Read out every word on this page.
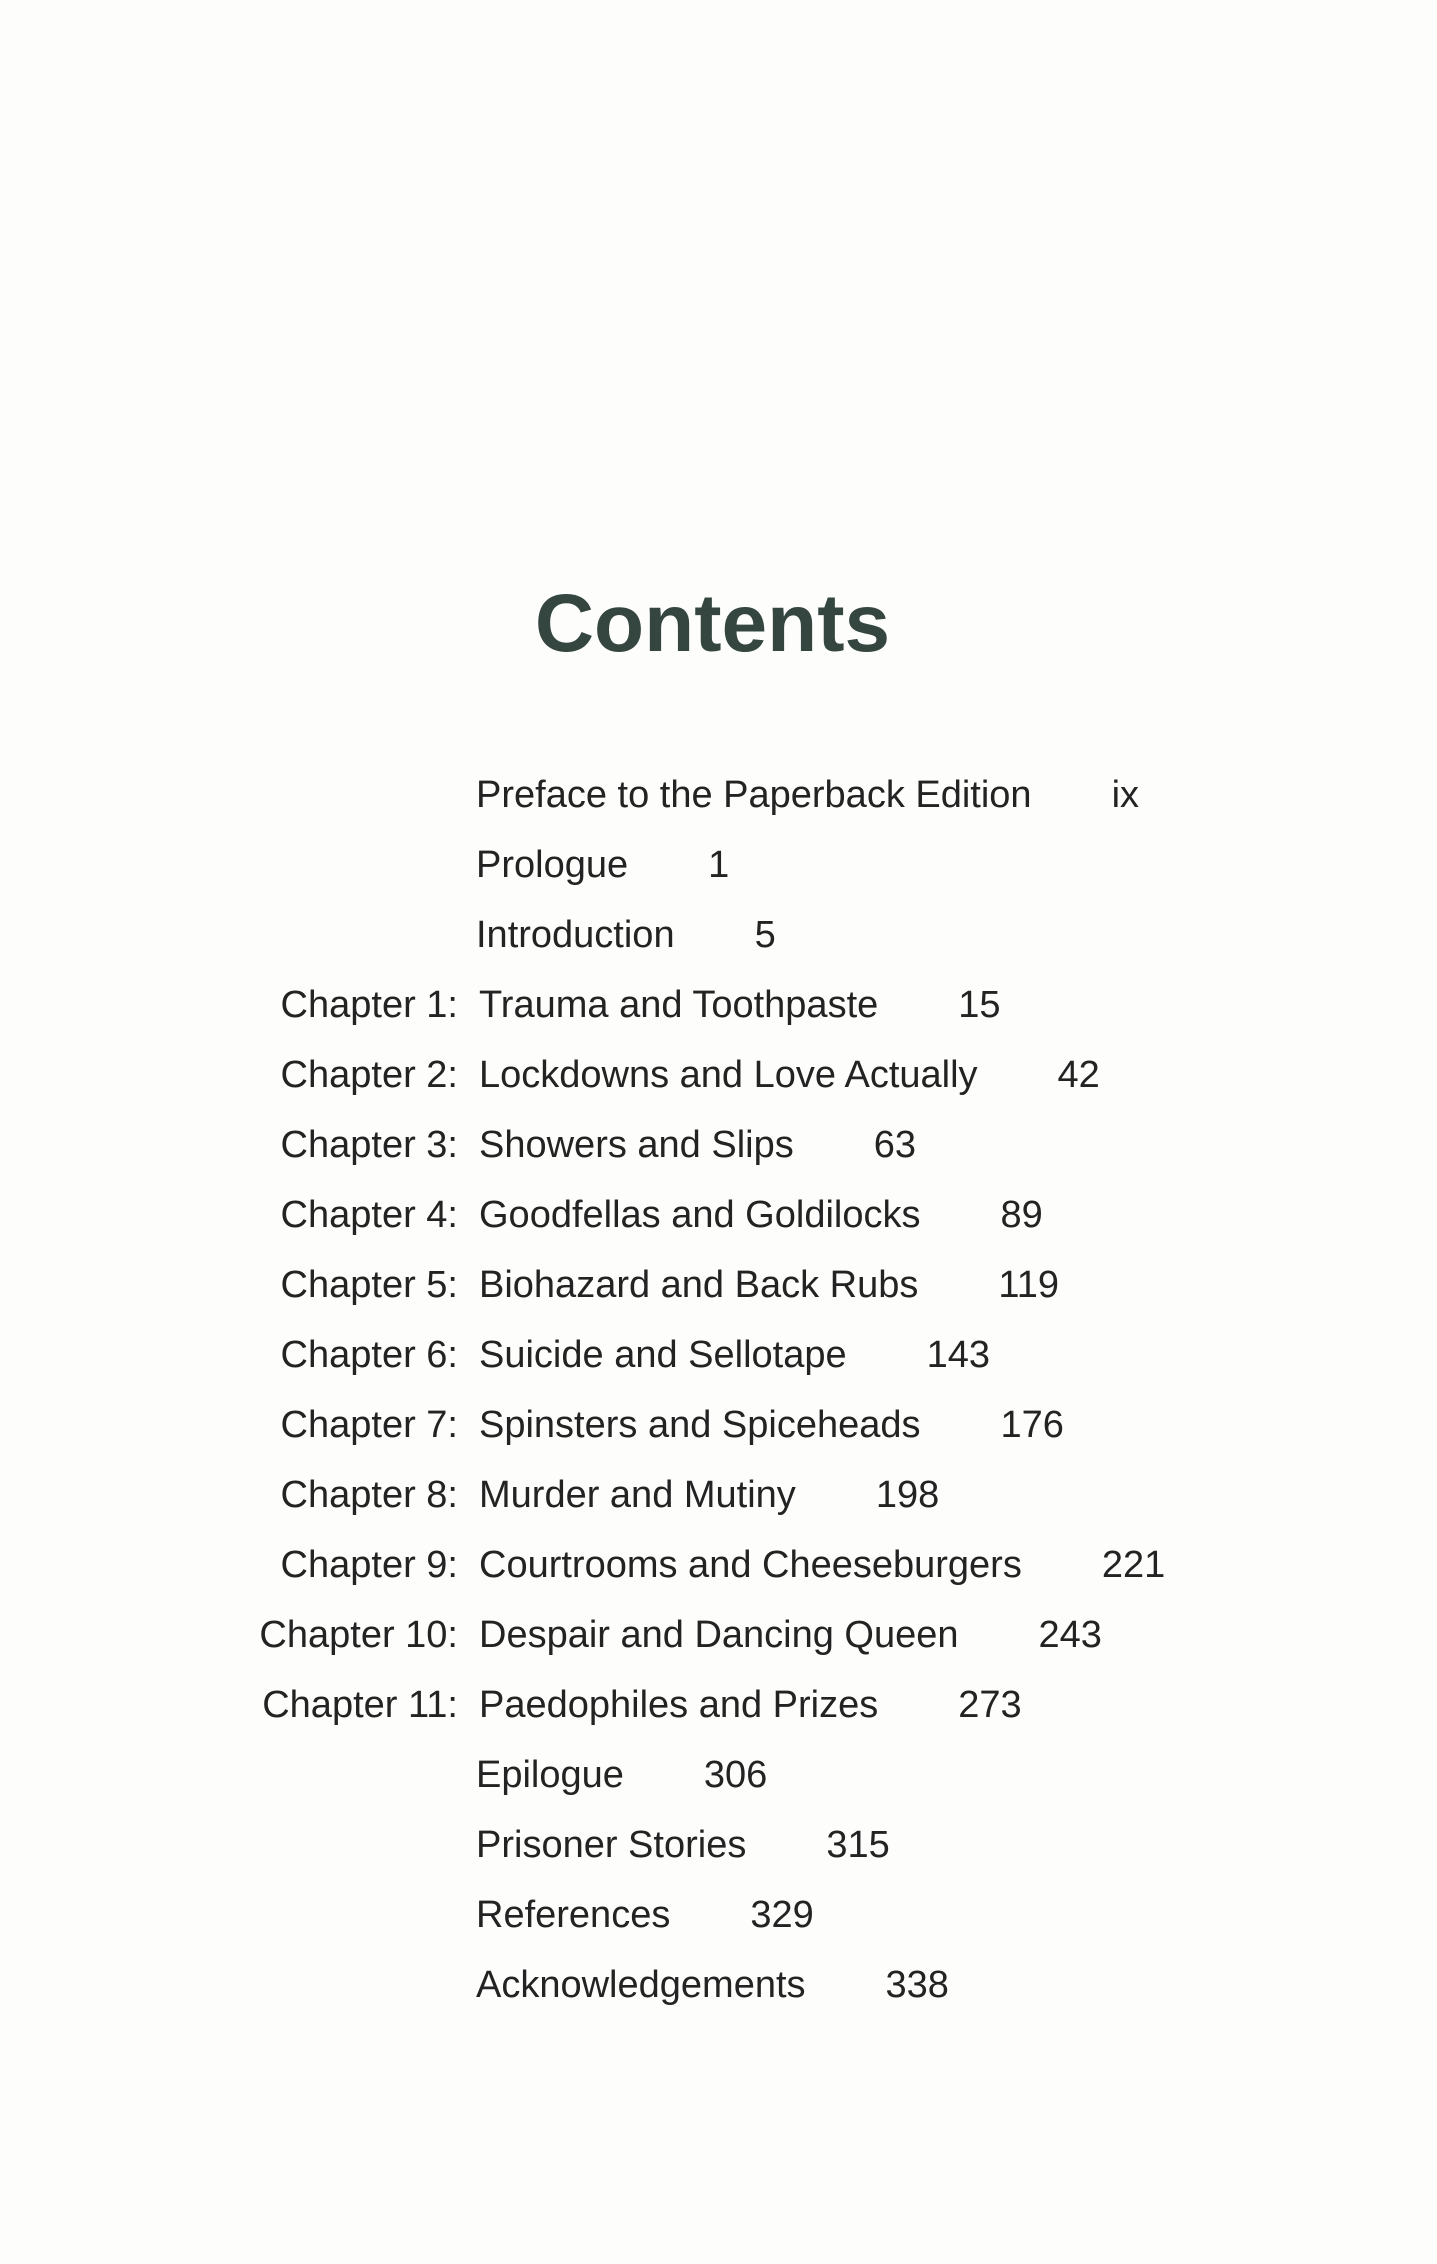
Contents
Preface to the Paperback Edition ix
Prologue 1
Introduction 5
Chapter 1: Trauma and Toothpaste 15
Chapter 2: Lockdowns and Love Actually 42
Chapter 3: Showers and Slips 63
Chapter 4: Goodfellas and Goldilocks 89
Chapter 5: Biohazard and Back Rubs 119
Chapter 6: Suicide and Sellotape 143
Chapter 7: Spinsters and Spiceheads 176
Chapter 8: Murder and Mutiny 198
Chapter 9: Courtrooms and Cheeseburgers 221
Chapter 10: Despair and Dancing Queen 243
Chapter 11: Paedophiles and Prizes 273
Epilogue 306
Prisoner Stories 315
References 329
Acknowledgements 338
